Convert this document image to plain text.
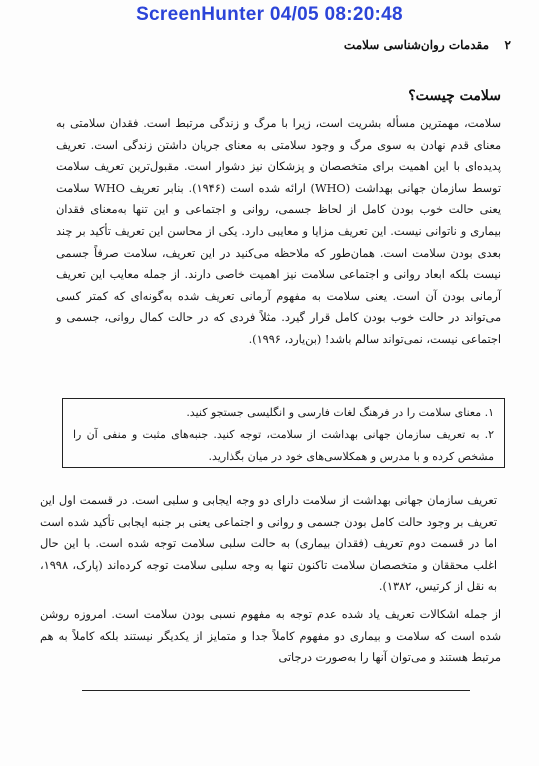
ScreenHunter 04/05 08:20:48
۲
مقدمات روان‌شناسی سلامت
سلامت چیست؟
سلامت، مهمترین مسأله بشریت است، زیرا با مرگ و زندگی مرتبط است. فقدان سلامتی به معنای قدم نهادن به سوی مرگ و وجود سلامتی به معنای جریان داشتن زندگی است. تعریف پدیده‌ای با این اهمیت برای متخصصان و پزشکان نیز دشوار است. مقبول‌ترین تعریف سلامت توسط سازمان جهانی بهداشت (WHO) ارائه شده است (۱۹۴۶). بنابر تعریف WHO سلامت یعنی حالت خوب بودن کامل از لحاظ جسمی، روانی و اجتماعی و این تنها به‌معنای فقدان بیماری و ناتوانی نیست. این تعریف مزایا و معایبی دارد. یکی از محاسن این تعریف تأکید بر چند بعدی بودن سلامت است. همان‌طور که ملاحظه می‌کنید در این تعریف، سلامت صرفاً جسمی نیست بلکه ابعاد روانی و اجتماعی سلامت نیز اهمیت خاصی دارند. از جمله معایب این تعریف آرمانی بودن آن است. یعنی سلامت به مفهوم آرمانی تعریف شده به‌گونه‌ای که کمتر کسی می‌تواند در حالت خوب بودن کامل قرار گیرد. مثلاً فردی که در حالت کمال روانی، جسمی و اجتماعی نیست، نمی‌تواند سالم باشد! (بن‌یارد، ۱۹۹۶).
۱. معنای سلامت را در فرهنگ لغات فارسی و انگلیسی جستجو کنید.
۲. به تعریف سازمان جهانی بهداشت از سلامت، توجه کنید. جنبه‌های مثبت و منفی آن را مشخص کرده و با مدرس و همکلاسی‌های خود در میان بگذارید.
تعریف سازمان جهانی بهداشت از سلامت دارای دو وجه ایجابی و سلبی است. در قسمت اول این تعریف بر وجود حالت کامل بودن جسمی و روانی و اجتماعی یعنی بر جنبه ایجابی تأکید شده است اما در قسمت دوم تعریف (فقدان بیماری) به حالت سلبی سلامت توجه شده است. با این حال اغلب محققان و متخصصان سلامت تاکنون تنها به وجه سلبی سلامت توجه کرده‌اند (پارک، ۱۹۹۸، به نقل از کرتیس، ۱۳۸۲).
از جمله اشکالات تعریف یاد شده عدم توجه به مفهوم نسبی بودن سلامت است. امروزه روشن شده است که سلامت و بیماری دو مفهوم کاملاً جدا و متمایز از یکدیگر نیستند بلکه کاملاً به هم مرتبط هستند و می‌توان آنها را به‌صورت درجاتی
